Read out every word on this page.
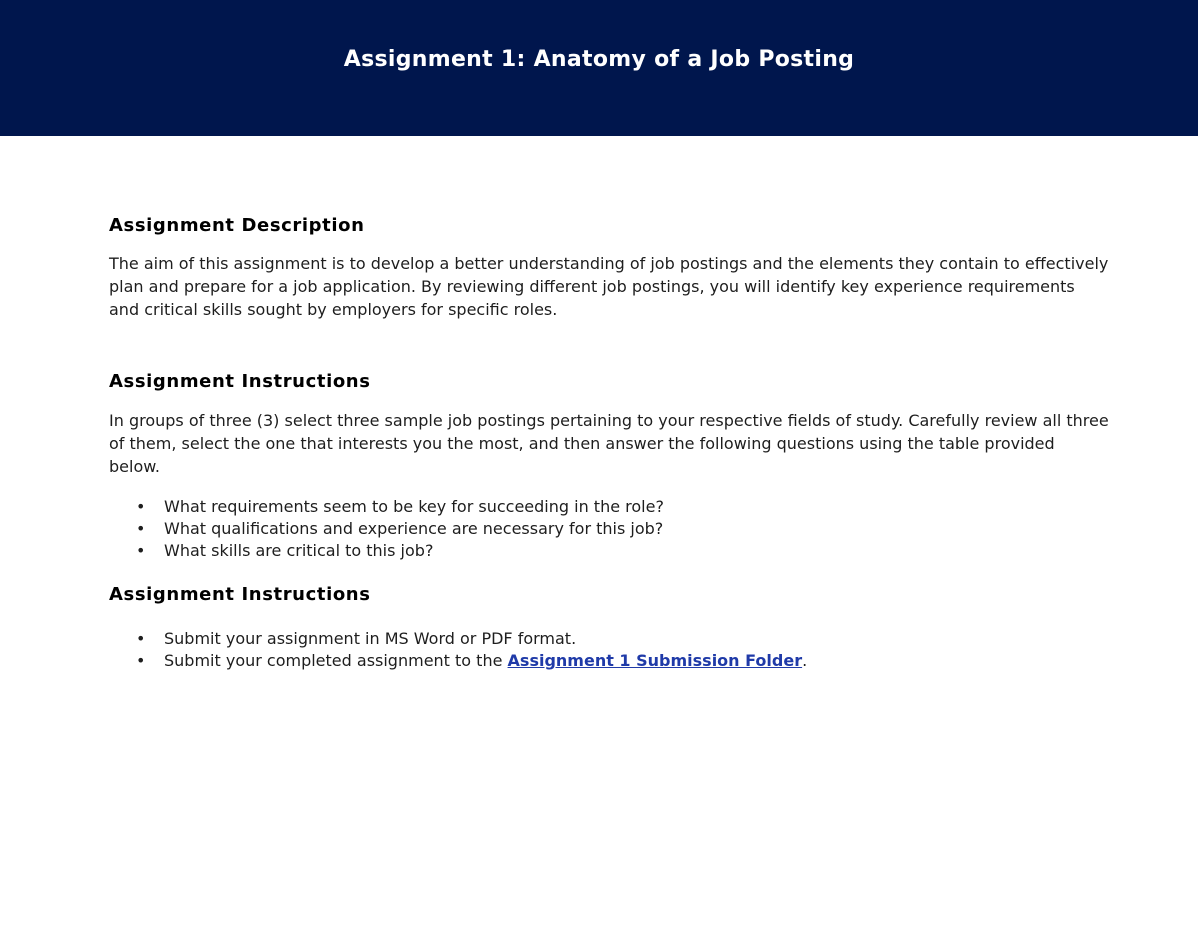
Assignment 1: Anatomy of a Job Posting
Assignment Description

The aim of this assignment is to develop a better understanding of job postings and the elements they contain to effectively plan and prepare for a job application. By reviewing different job postings, you will identify key experience requirements and critical skills sought by employers for specific roles.

Assignment Instructions

In groups of three (3) select three sample job postings pertaining to your respective fields of study. Carefully review all three of them, select the one that interests you the most, and then answer the following questions using the table provided below.

• What requirements seem to be key for succeeding in the role?
• What qualifications and experience are necessary for this job?
• What skills are critical to this job?
Assignment Instructions
• Submit your assignment in MS Word or PDF format.
• Submit your completed assignment to the Assignment 1 Submission Folder.
